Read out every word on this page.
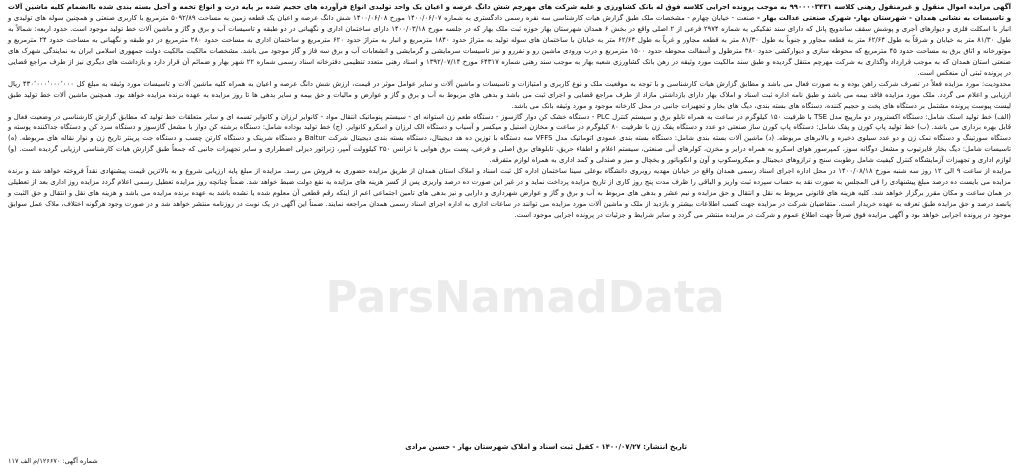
آگهی مزایده اموال منقول و غیرمنقول رهنی کلاسه ۹۹۰۰۰۰۳۴۳۱ به موجب پرونده اجرایی کلاسه فوق له بانک کشاورزی و علیه شرکت های مهرچم شش دانگ عرصه و اعیان یک واحد تولیدی انواع فرآورده های حجیم شده بر پایه ذرت و انواع تخمه و آجیل بسته بندی شده باانضمام کلیه ماشین آلات و تاسیسات به نشانی همدان - شهرستان بهار- شهرک صنعتی عدالت بهار - صنعت - خیابان چهارم - مشخصات ملک طبق گزارش هیات کارشناسی سه نفره رسمی دادگستری به شماره ۱۴۰۰/۰۶/۰۷ مورخ ۱۴۰۰/۰۶/۰۸ شش دانگ عرصه و اعیان یک قطعه زمین به مساحت ۵۰۹۲/۸۹ مترمربع با کاربری صنعتی و همچنین سوله های تولیدی و انبار با اسکلت فلزی و دیوارهای آجری و پوشش سقف ساندویچ پانل که دارای سند تفکیکی به شماره ۲۹۷۴ فرعی از ۲ اصلی واقع در بخش ۶ همدان شهرستان بهار حوزه ثبت ملک بهار که در جلسه مورخ ۱۴۰۰/۰۳/۱۸ دارای ساختمان اداری و نگهبانی در دو طبقه و تاسیسات آب و برق و گاز و ماشین آلات خط تولید موجود است. حدود اربعه: شمالاً به طول ۸۱/۳۰ متر به خیابان و شرقاً به طول ۶۲/۶۴ متر به قطعه مجاور و جنوباً به طول ۸۱/۳۰ متر به قطعه مجاور و غرباً به طول ۶۲/۶۴ متر به خیابان با ساختمان های سوله تولید به متراژ حدود ۱۸۴۰ مترمربع و انبار به متراژ حدود ۶۲۰ مترمربع و ساختمان اداری به مساحت حدود ۲۸۰ مترمربع در دو طبقه و نگهبانی به مساحت حدود ۲۴ مترمربع و موتورخانه و اتاق برق به مساحت حدود ۴۵ مترمربع که محوطه سازی و دیوارکشی حدود ۳۸۰ مترطول و آسفالت محوطه حدود ۱۵۰۰ مترمربع و درب ورودی ماشین رو و نفررو و نیز تاسیسات سرمایشی و گرمایشی و انشعابات آب و برق سه فاز و گاز موجود می باشد. مشخصات مالکیت مالکیت دولت جمهوری اسلامی ایران به نمایندگی شهرک های صنعتی استان همدان که به موجب قرارداد واگذاری به شرکت مهرچم منتقل گردیده و طبق سند مالکیت مورد وثیقه در رهن بانک کشاورزی شعبه بهار به موجب سند رهنی شماره ۶۴۳۱۷ مورخ ۱۳۹۲/۰۷/۱۴ و اسناد رهنی متعدد تنظیمی دفترخانه اسناد رسمی شماره ۲۲ شهر بهار و ضمائم آن قرار دارد و بازداشت های دیگری نیز از طرف مراجع قضایی در پرونده ثبتی آن منعکس است.

محدودیت: مورد مزایده فعلاً در تصرف شرکت راهن بوده و به صورت فعال می باشد و مطابق گزارش هیات کارشناسی و با توجه به موقعیت ملک و نوع کاربری و امتیازات و تاسیسات و ماشین آلات و سایر عوامل موثر در قیمت، ارزش شش دانگ عرصه و اعیان به همراه کلیه ماشین آلات و تاسیسات مورد وثیقه به مبلغ کل ۴۳۰٬۰۰۰٬۰۰۰٬۰۰۰ ریال ارزیابی و اعلام می گردد. ملک مورد مزایده فاقد بیمه می باشد و طبق نامه اداره ثبت اسناد و املاک بهار دارای بازداشتی مازاد از طرف مراجع قضایی و اجرای ثبت می باشد و بدهی های مربوط به آب و برق و گاز و عوارض و مالیات و حق بیمه و سایر بدهی ها تا روز مزایده به عهده برنده مزایده خواهد بود. همچنین ماشین آلات خط تولید طبق لیست پیوست پرونده مشتمل بر دستگاه های پخت و حجیم کننده، دستگاه های بسته بندی، دیگ های بخار و تجهیزات جانبی در محل کارخانه موجود و مورد وثیقه بانک می باشد.

(الف) خط تولید اسنک شامل: دستگاه اکسترودر دو مارپیچ مدل TSE با ظرفیت ۱۵۰ کیلوگرم در ساعت به همراه تابلو برق و سیستم کنترل PLC - دستگاه خشک کن دوار گازسوز - دستگاه طعم زن استوانه ای - سیستم پنوماتیک انتقال مواد - کانوایر لرزان و کانوایر تسمه ای و سایر متعلقات خط تولید که مطابق گزارش کارشناسی در وضعیت فعال و قابل بهره برداری می باشد. (ب) خط تولید پاپ کورن و پفک شامل: دستگاه پاپ کورن ساز صنعتی دو عدد و دستگاه پفک زن با ظرفیت ۸۰ کیلوگرم در ساعت و مخازن استیل و میکسر و آسیاب و دستگاه الک لرزان و اسکرو کانوایر. (ج) خط تولید بوداده شامل: دستگاه برشته کن دوار با مشعل گازسوز و دستگاه سرد کن و دستگاه جداکننده پوسته و دستگاه سورتینگ و دستگاه نمک زن و دو عدد سیلوی ذخیره و بالابرهای مربوطه. (د) ماشین آلات بسته بندی شامل: دستگاه بسته بندی عمودی اتوماتیک مدل VFFS سه دستگاه با توزین ده هد دیجیتال، دستگاه بسته بندی دیجیتال شرکت Baltur و دستگاه شرینک و دستگاه کارتن چسب و دستگاه جت پرینتر تاریخ زن و نوار نقاله های مربوطه. (ه) تاسیسات شامل: دیگ بخار فایرتیوب و مشعل دوگانه سوز، کمپرسور هوای اسکرو به همراه درایر و مخزن، کولرهای آبی صنعتی، سیستم اعلام و اطفاء حریق، تابلوهای برق اصلی و فرعی، پست برق هوایی با ترانس ۲۵۰ کیلوولت آمپر، ژنراتور دیزلی اضطراری و سایر تجهیزات جانبی که جمعاً طبق گزارش هیات کارشناسی ارزیابی گردیده است. (و) لوازم اداری و تجهیزات آزمایشگاه کنترل کیفیت شامل رطوبت سنج و ترازوهای دیجیتال و میکروسکوپ و آون و انکوباتور و یخچال و میز و صندلی و کمد اداری به همراه لوازم متفرقه.

مزایده از ساعت ۹ الی ۱۲ روز سه شنبه مورخ ۱۴۰۰/۰۸/۱۸ در محل اداره اجرای اسناد رسمی همدان واقع در خیابان مهدیه روبروی دانشگاه بوعلی سینا ساختمان اداره کل ثبت اسناد و املاک استان همدان از طریق مزایده حضوری به فروش می رسد. مزایده از مبلغ پایه ارزیابی شروع و به بالاترین قیمت پیشنهادی نقداً فروخته خواهد شد و برنده مزایده می بایست ده درصد مبلغ پیشنهادی را فی المجلس به صورت نقد به حساب سپرده ثبت واریز و الباقی را ظرف مدت پنج روز کاری از تاریخ مزایده پرداخت نماید و در غیر این صورت ده درصد واریزی پس از کسر هزینه های مزایده به نفع دولت ضبط خواهد شد. ضمناً چنانچه روز مزایده تعطیل رسمی اعلام گردد مزایده روز اداری بعد از تعطیلی در همان ساعت و مکان مقرر برگزار خواهد شد. کلیه هزینه های قانونی مربوط به نقل و انتقال و حق مزایده و نیم عشر و بدهی های مربوط به آب و برق و گاز و عوارض شهرداری و دارایی و نیز بدهی های تامین اجتماعی اعم از اینکه رقم قطعی آن معلوم شده یا نشده باشد به عهده برنده مزایده می باشد و هزینه های نقل و انتقال و حق الثبت و پانصد درصد و حق مزایده طبق تعرفه به عهده خریدار است. متقاضیان شرکت در مزایده جهت کسب اطلاعات بیشتر و بازدید از ملک و ماشین آلات مورد مزایده می توانند در ساعات اداری به اداره اجرای اسناد رسمی همدان مراجعه نمایند. ضمناً این آگهی در یک نوبت در روزنامه منتشر خواهد شد و در صورت وجود هرگونه اختلاف، ملاک عمل سوابق موجود در پرونده اجرایی خواهد بود و آگهی مزایده فوق صرفاً جهت اطلاع عموم و شرکت در مزایده منتشر می گردد و سایر شرایط و جزئیات در پرونده اجرایی موجود است.

ParsNamadData
تاریخ انتشار: ۱۴۰۰/۰۷/۲۷ - کفیل ثبت اسناد و املاک شهرستان بهار - حسین مرادی
شماره آگهی: ۱۲۶۶۷۰/م الف ۱۱۷
